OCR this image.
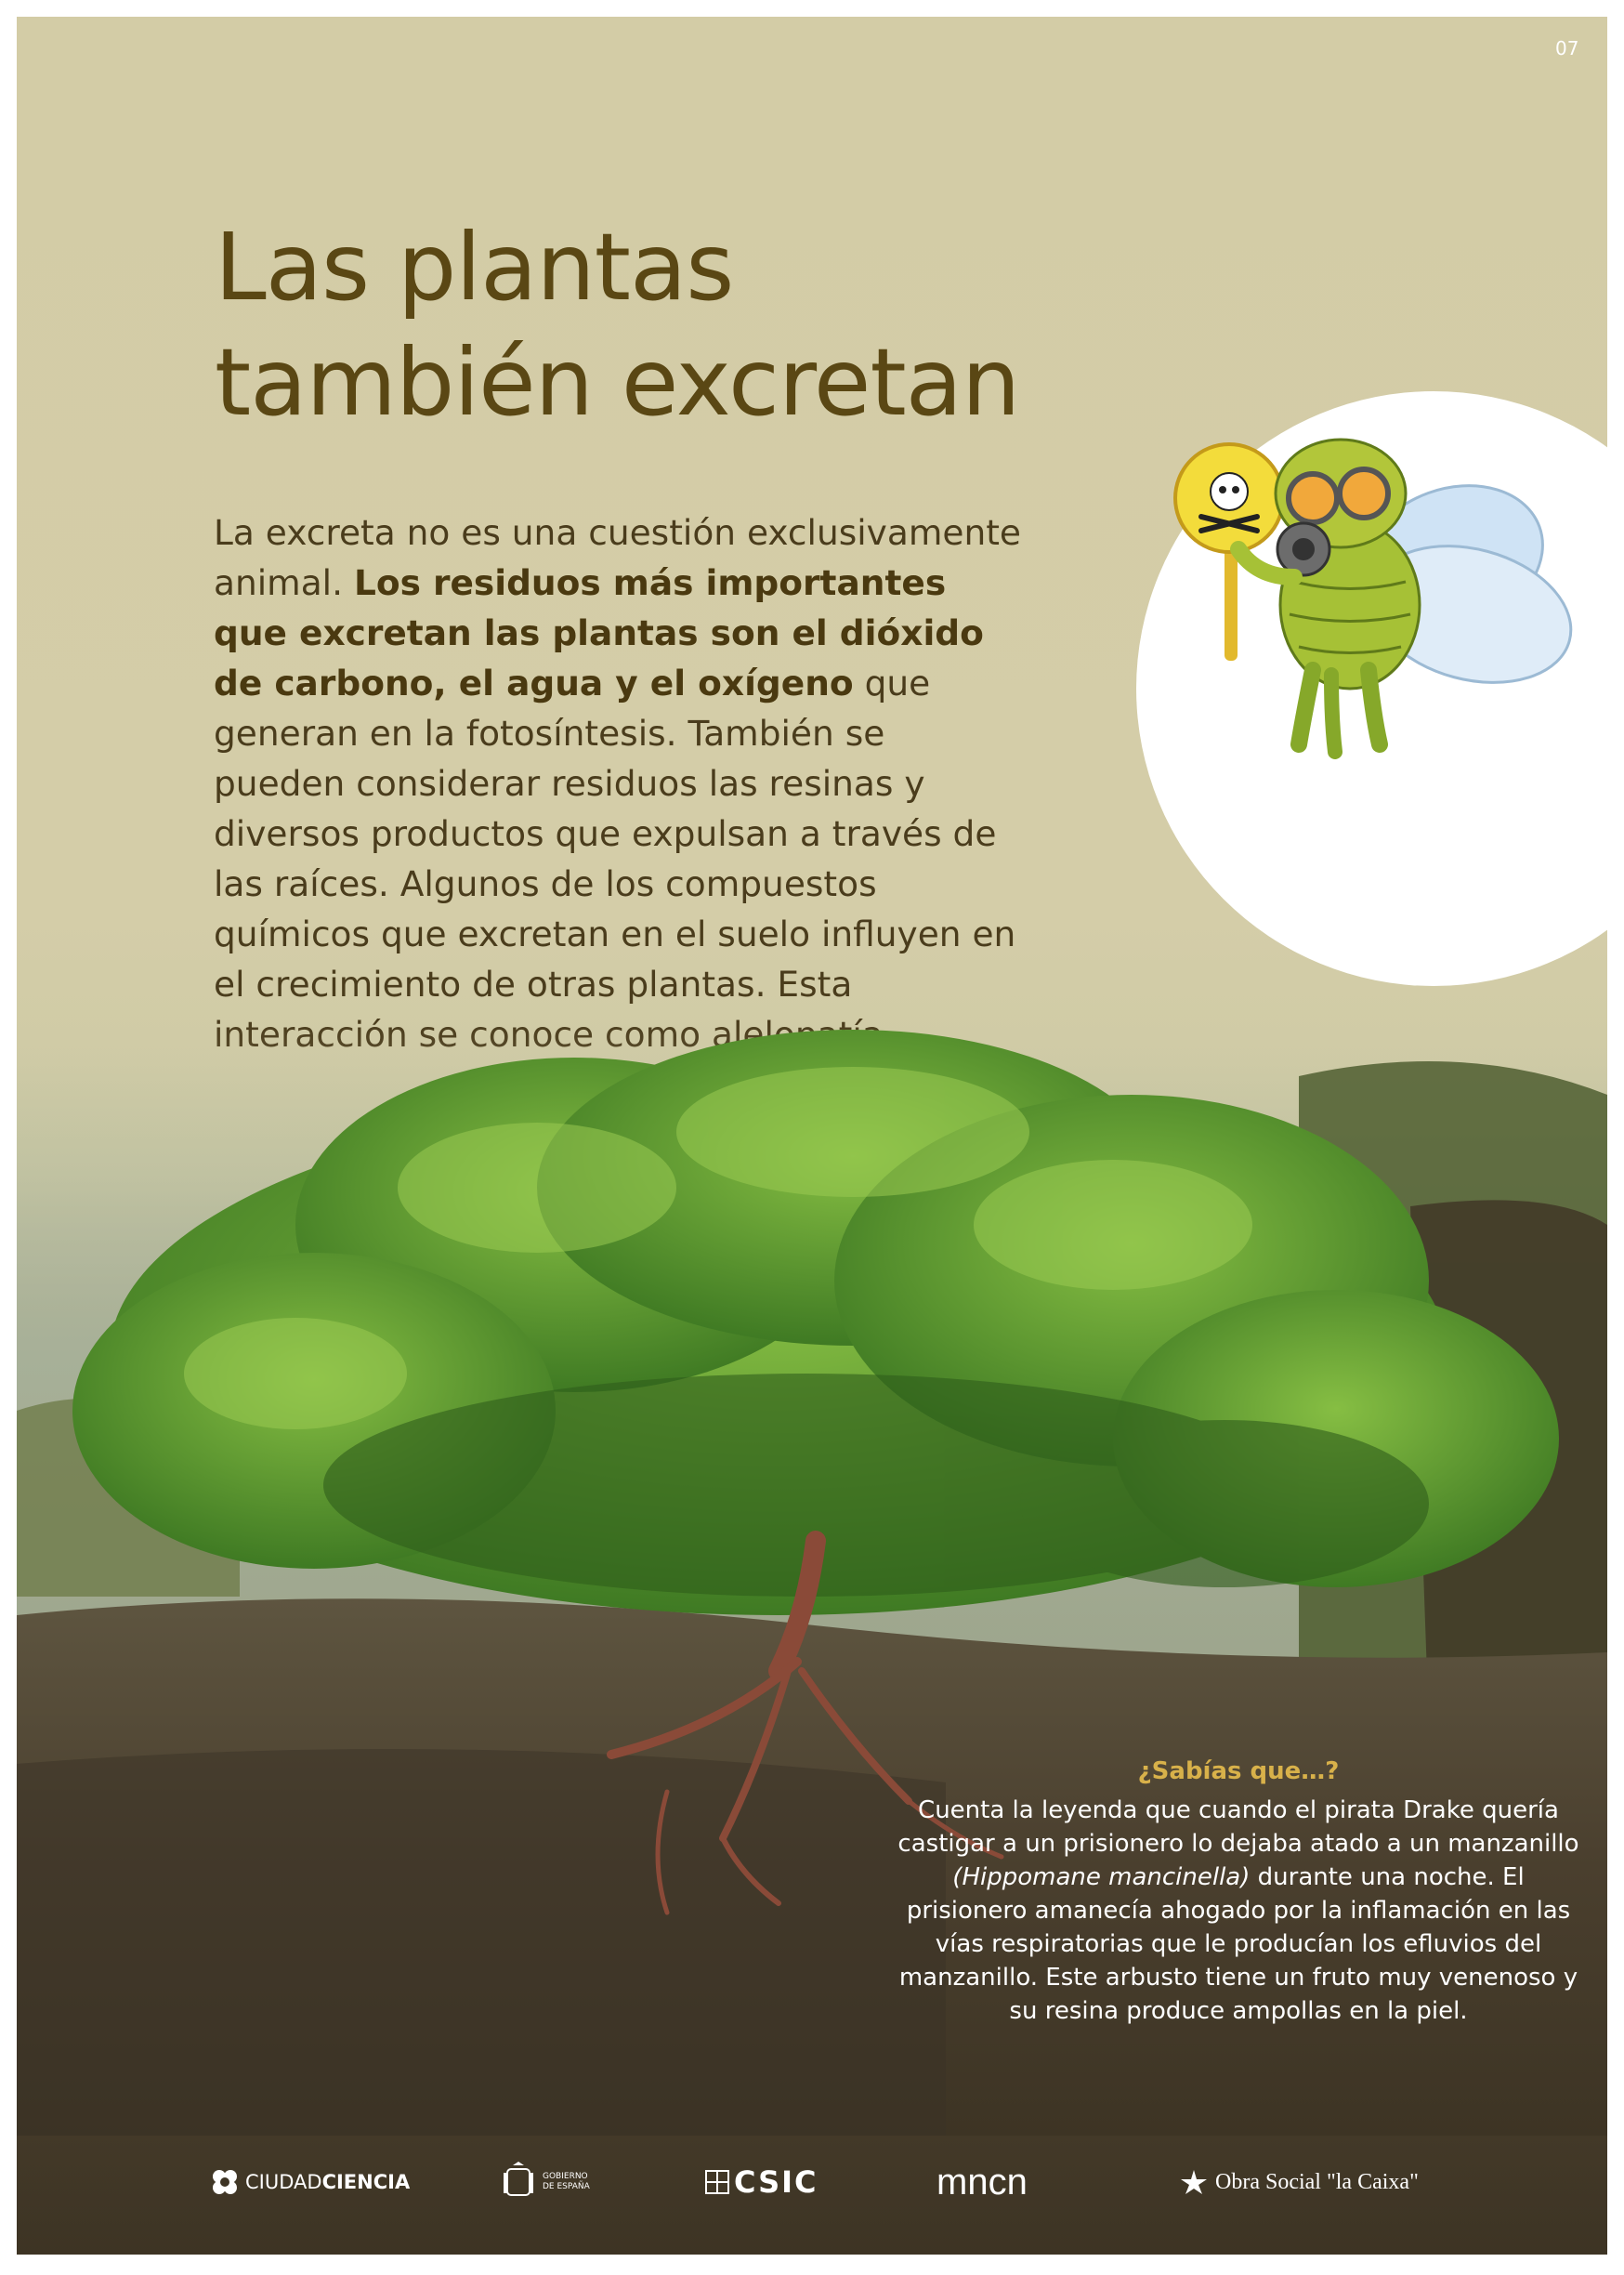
07
Las plantas
también excretan

La excreta no es una cuestión exclusivamente animal. Los residuos más importantes que excretan las plantas son el dióxido de carbono, el agua y el oxígeno que generan en la fotosíntesis. También se pueden considerar residuos las resinas y diversos productos que expulsan a través de las raíces. Algunos de los compuestos químicos que excretan en el suelo influyen en el crecimiento de otras plantas. Esta

¿Sabías que…?
Cuenta la leyenda que cuando el pirata Drake quería castigar a un prisionero lo dejaba atado a un manzanillo (Hippomane mancinella) durante una noche. El prisionero amanecía ahogado por la inflamación en las vías respiratorias que le producían los efluvios del manzanillo. Este arbusto tiene un fruto muy venenoso y su resina produce ampollas en la piel.
CIUDAD CIENCIA	GOBIERNO
DE ESPAÑA	CSIC	mncn	Obra Social "la Caixa"
